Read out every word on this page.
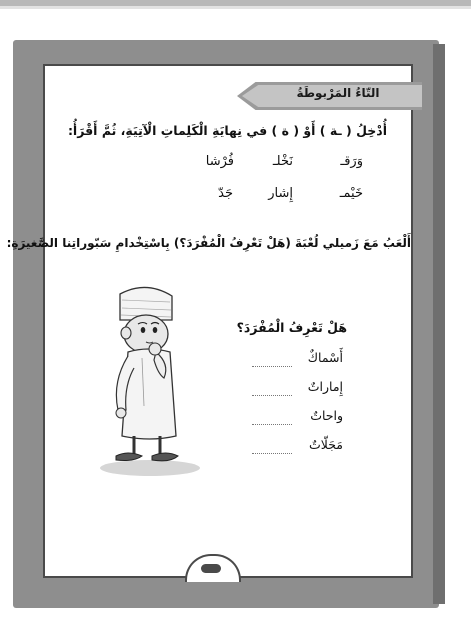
التّاءُ المَرْبوطَةُ
أُدْخِلُ ( ـة ) أَوْ ( ة ) في نِهايَةِ الْكَلِماتِ الْآتِيَةِ، ثُمَّ أَقْرَأُ:
وَرَقـ
نَخْلـ
فُرْشا
خَيْمـ
إِشار
جَدّ
أَلْعَبُ مَعَ زَميلي لُعْبَةَ (هَلْ تَعْرِفُ الْمُفْرَدَ؟) بِاسْتِخْدامِ سَبّوراتِنا الصَّغيرَةِ:
هَلْ تَعْرِفُ الْمُفْرَدَ؟
أَسْماكٌ
إِماراتٌ
واحاتٌ
مَجَلّاتٌ
